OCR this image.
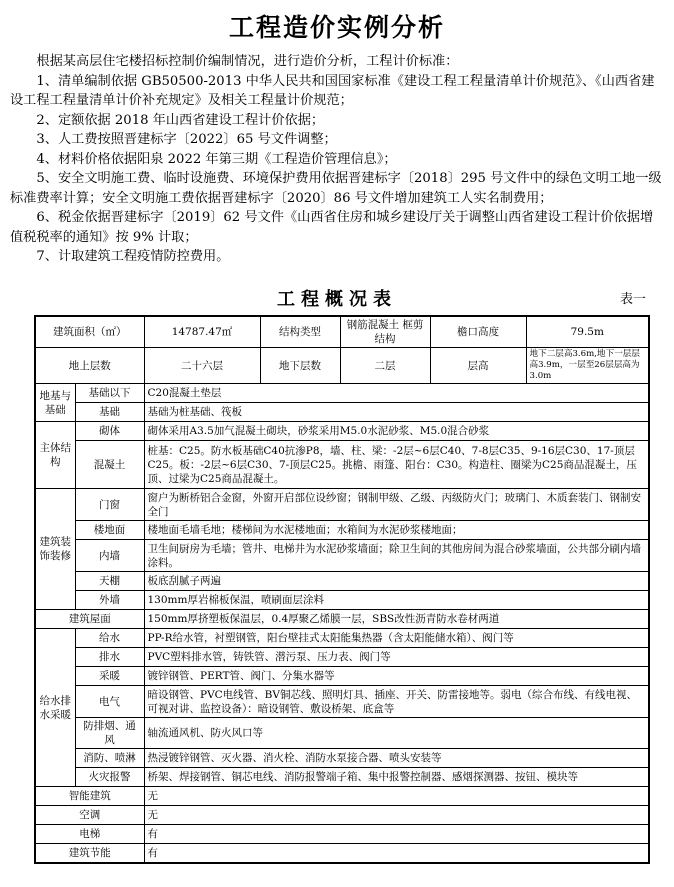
工程造价实例分析

根据某高层住宅楼招标控制价编制情况，进行造价分析，工程计价标准：

1、清单编制依据 GB50500-2013 中华人民共和国国家标准《建设工程工程量清单计价规范》、《山西省建设工程工程量清单计价补充规定》及相关工程量计价规范；

2、定额依据 2018 年山西省建设工程计价依据；

3、人工费按照晋建标字〔2022〕65 号文件调整；

4、材料价格依据阳泉 2022 年第三期《工程造价管理信息》；

5、安全文明施工费、临时设施费、环境保护费用依据晋建标字〔2018〕295 号文件中的绿色文明工地一级标准费率计算；安全文明施工费依据晋建标字〔2020〕86 号文件增加建筑工人实名制费用；

6、税金依据晋建标字〔2019〕62 号文件《山西省住房和城乡建设厅关于调整山西省建设工程计价依据增值税税率的通知》按 9% 计取；

7、计取建筑工程疫情防控费用。

工程概况表	表一
建筑面积（㎡）		14787.47㎡	结构类型	钢筋混凝土 框剪结构	檐口高度	79.5m
地上层数		二十六层	地下层数	二层	层高	地下二层高3.6m,地下一层层高3.9m，一层至26层层高为3.0m
地基与基础	基础以下	C20混凝土垫层				
	基础	基础为桩基础、筏板				
主体结构	砌体	砌体采用A3.5加气混凝土砌块，砂浆采用M5.0水泥砂浆、M5.0混合砂浆				
	混凝土	桩基：C25。防水板基础C40抗渗P8，墙、柱、梁：-2层~6层C40、7-8层C35、9-16层C30、17-顶层C25。板：-2层~6层C30、7-顶层C25。挑檐、雨篷、阳台：C30。构造柱、圈梁为C25商品混凝土，压顶、过梁为C25商品混凝土。				
建筑装饰装修	门窗	窗户为断桥铝合金窗，外窗开启部位设纱窗；钢制甲级、乙级、丙级防火门；玻璃门、木质套装门、钢制安全门				
	楼地面	楼地面毛墙毛地；楼梯间为水泥楼地面；水箱间为水泥砂浆楼地面；				
	内墙	卫生间厨房为毛墙；管井、电梯井为水泥砂浆墙面；除卫生间的其他房间为混合砂浆墙面，公共部分刷内墙涂料。				
	天棚	板底刮腻子两遍				
	外墙	130mm厚岩棉板保温，喷刷面层涂料				
建筑屋面		150mm厚挤塑板保温层，0.4厚聚乙烯膜一层，SBS改性沥青防水卷材两道				
给水排水采暖	给水	PP-R给水管，衬塑钢管，阳台壁挂式太阳能集热器（含太阳能储水箱）、阀门等				
	排水	PVC塑料排水管，铸铁管、潜污泵、压力表、阀门等				
	采暖	镀锌钢管、PERT管、阀门、分集水器等				
	电气	暗设钢管、PVC电线管、BV铜芯线、照明灯具、插座、开关、防雷接地等。弱电（综合布线、有线电视、可视对讲、监控设备）：暗设钢管、敷设桥架、底盒等				
	防排烟、通风	轴流通风机、防火风口等				
	消防、喷淋	热浸镀锌钢管、灭火器、消火栓、消防水泵接合器、喷头安装等				
	火灾报警	桥架、焊接钢管、铜芯电线、消防报警端子箱、集中报警控制器、感烟探测器、按钮、模块等				
智能建筑		无				
空调		无				
电梯		有				
建筑节能		有				
